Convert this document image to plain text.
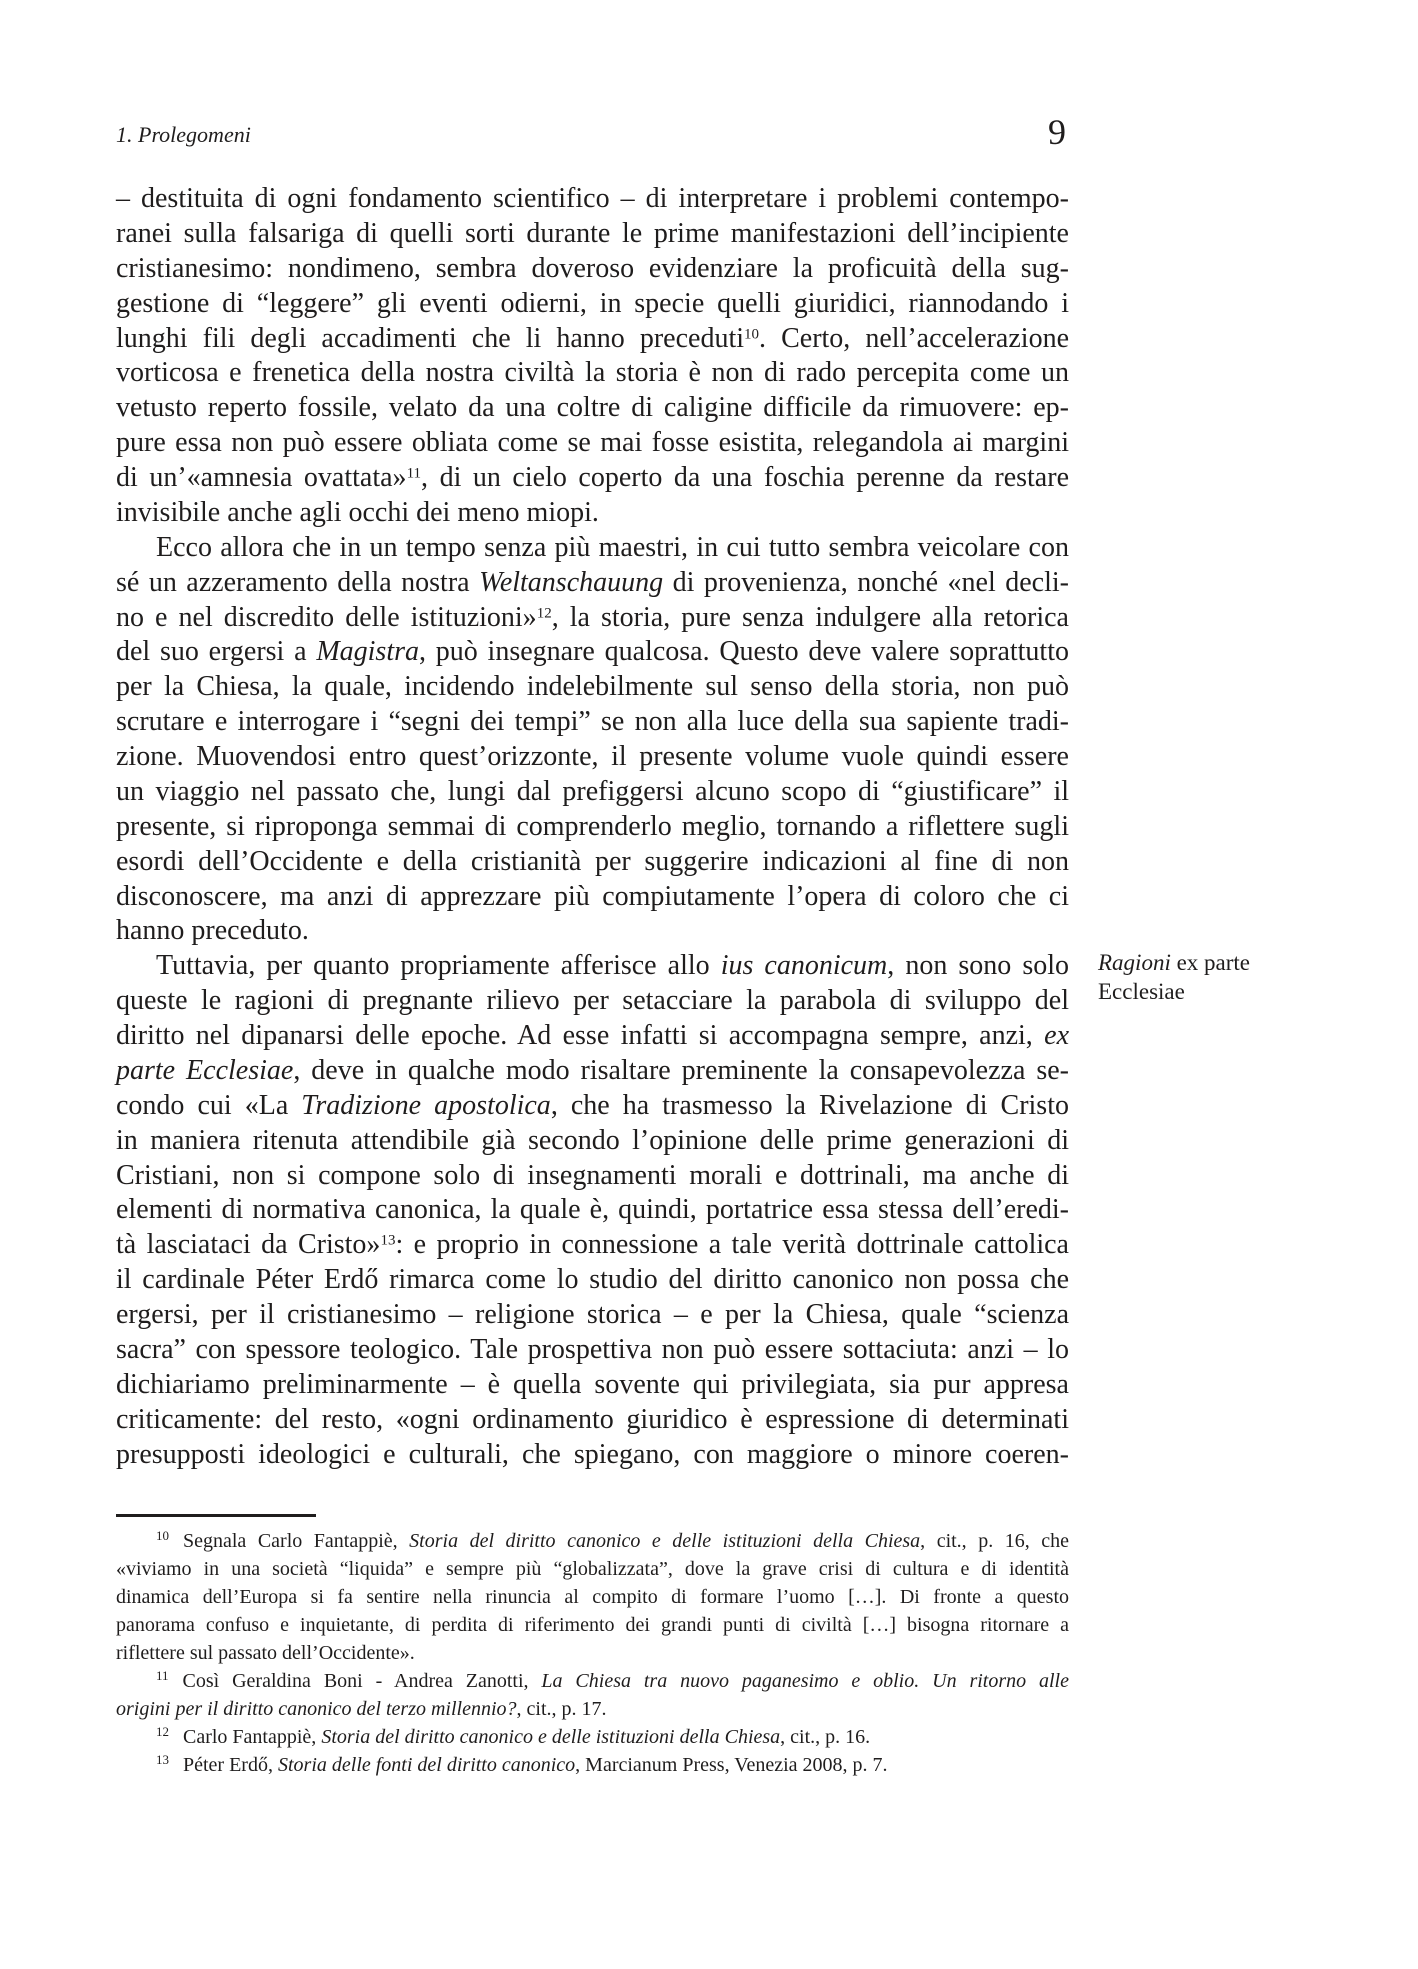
1. Prolegomeni	9
– destituita di ogni fondamento scientifico – di interpretare i problemi contempo-
ranei sulla falsariga di quelli sorti durante le prime manifestazioni dell’incipiente
cristianesimo: nondimeno, sembra doveroso evidenziare la proficuità della sug-
gestione di “leggere” gli eventi odierni, in specie quelli giuridici, riannodando i
lunghi fili degli accadimenti che li hanno preceduti$^{10}$. Certo, nell’accelerazione
vorticosa e frenetica della nostra civiltà la storia è non di rado percepita come un
vetusto reperto fossile, velato da una coltre di caligine difficile da rimuovere: ep-
pure essa non può essere obliata come se mai fosse esistita, relegandola ai margini
di un’«amnesia ovattata»$^{11}$, di un cielo coperto da una foschia perenne da restare
invisibile anche agli occhi dei meno miopi.
Ecco allora che in un tempo senza più maestri, in cui tutto sembra veicolare con
sé un azzeramento della nostra Weltanschauung di provenienza, nonché «nel decli-
no e nel discredito delle istituzioni»$^{12}$, la storia, pure senza indulgere alla retorica
del suo ergersi a Magistra, può insegnare qualcosa. Questo deve valere soprattutto
per la Chiesa, la quale, incidendo indelebilmente sul senso della storia, non può
scrutare e interrogare i “segni dei tempi” se non alla luce della sua sapiente tradi-
zione. Muovendosi entro quest’orizzonte, il presente volume vuole quindi essere
un viaggio nel passato che, lungi dal prefiggersi alcuno scopo di “giustificare” il
presente, si riproponga semmai di comprenderlo meglio, tornando a riflettere sugli
esordi dell’Occidente e della cristianità per suggerire indicazioni al fine di non
disconoscere, ma anzi di apprezzare più compiutamente l’opera di coloro che ci
hanno preceduto.
Tuttavia, per quanto propriamente afferisce allo ius canonicum, non sono solo
queste le ragioni di pregnante rilievo per setacciare la parabola di sviluppo del
diritto nel dipanarsi delle epoche. Ad esse infatti si accompagna sempre, anzi, ex
parte Ecclesiae, deve in qualche modo risaltare preminente la consapevolezza se-
condo cui «La Tradizione apostolica, che ha trasmesso la Rivelazione di Cristo
in maniera ritenuta attendibile già secondo l’opinione delle prime generazioni di
Cristiani, non si compone solo di insegnamenti morali e dottrinali, ma anche di
elementi di normativa canonica, la quale è, quindi, portatrice essa stessa dell’eredi-
tà lasciataci da Cristo»$^{13}$: e proprio in connessione a tale verità dottrinale cattolica
il cardinale Péter Erdő rimarca come lo studio del diritto canonico non possa che
ergersi, per il cristianesimo – religione storica – e per la Chiesa, quale “scienza
sacra” con spessore teologico. Tale prospettiva non può essere sottaciuta: anzi – lo
dichiariamo preliminarmente – è quella sovente qui privilegiata, sia pur appresa
criticamente: del resto, «ogni ordinamento giuridico è espressione di determinati
presupposti ideologici e culturali, che spiegano, con maggiore o minore coeren-
Ragioni ex parte
Ecclesiae
$^{10}$ Segnala Carlo Fantappiè, Storia del diritto canonico e delle istituzioni della Chiesa, cit., p. 16, che
«viviamo in una società “liquida” e sempre più “globalizzata”, dove la grave crisi di cultura e di identità
dinamica dell’Europa si fa sentire nella rinuncia al compito di formare l’uomo […]. Di fronte a questo
panorama confuso e inquietante, di perdita di riferimento dei grandi punti di civiltà […] bisogna ritornare a
riflettere sul passato dell’Occidente».
$^{11}$ Così Geraldina Boni - Andrea Zanotti, La Chiesa tra nuovo paganesimo e oblio. Un ritorno alle
origini per il diritto canonico del terzo millennio?, cit., p. 17.
$^{12}$ Carlo Fantappiè, Storia del diritto canonico e delle istituzioni della Chiesa, cit., p. 16.
$^{13}$ Péter Erdő, Storia delle fonti del diritto canonico, Marcianum Press, Venezia 2008, p. 7.
